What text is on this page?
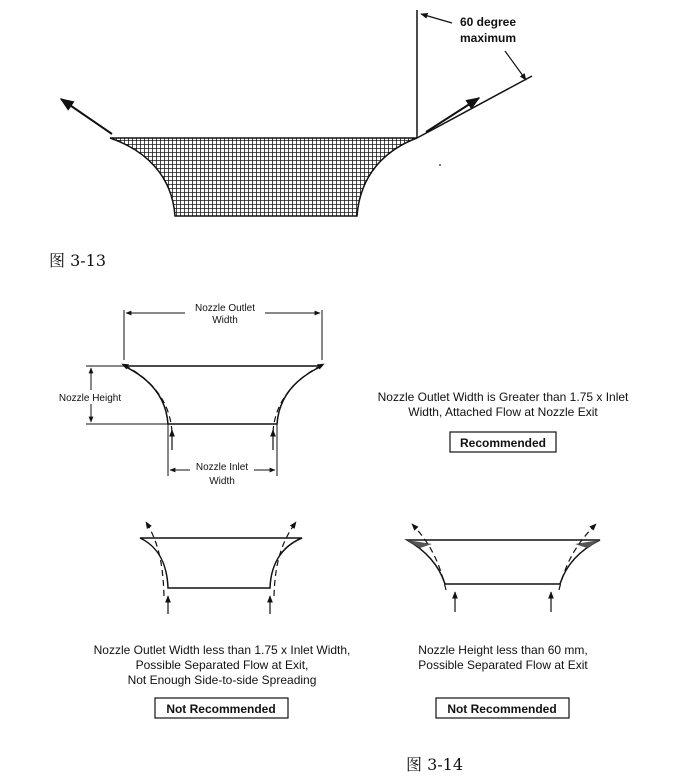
60 degree
maximum
Nozzle Outlet
Width
Nozzle Height
Nozzle Inlet
Width
Nozzle Outlet Width is Greater than 1.75 x Inlet
Width, Attached Flow at Nozzle Exit
Recommended
Nozzle Outlet Width less than 1.75 x Inlet Width,
Possible Separated Flow at Exit,
Not Enough Side-to-side Spreading
Not Recommended
Nozzle Height less than 60 mm,
Possible Separated Flow at Exit
Not Recommended
图 3-13
图 3-14
